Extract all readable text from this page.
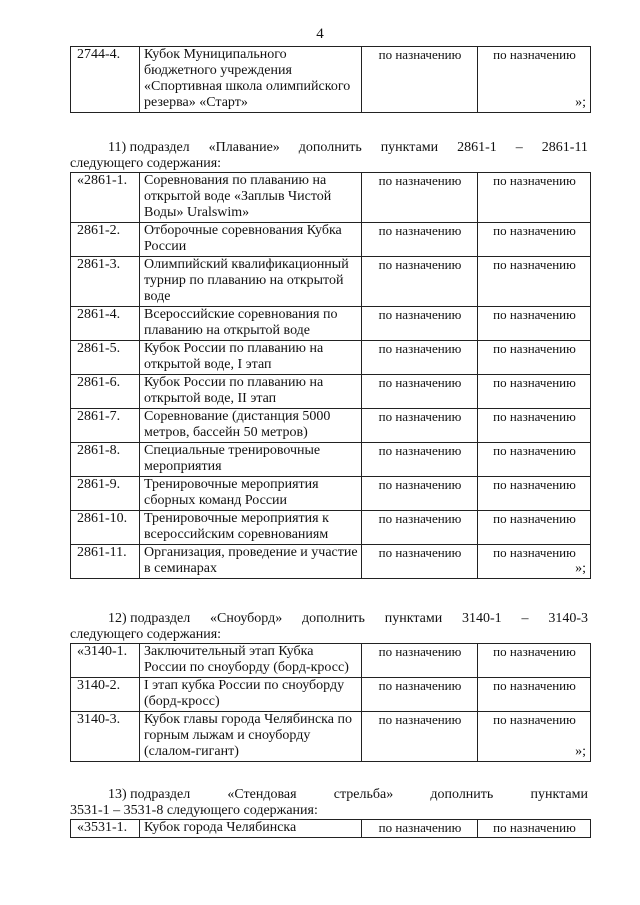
4
2744-4.	Кубок Муниципального бюджетного учреждения «Спортивная школа олимпийского резерва» «Старт»	по назначению	по назначению
»;
11) подраздел «Плавание» дополнить пунктами 2861-1 – 2861-11
следующего содержания:
«2861-1.	Соревнования по плаванию на открытой воде «Заплыв Чистой Воды» Uralswim»	по назначению	по назначению
2861-2.	Отборочные соревнования Кубка России	по назначению	по назначению
2861-3.	Олимпийский квалификационный турнир по плаванию на открытой воде	по назначению	по назначению
2861-4.	Всероссийские соревнования по плаванию на открытой воде	по назначению	по назначению
2861-5.	Кубок России по плаванию на открытой воде, I этап	по назначению	по назначению
2861-6.	Кубок России по плаванию на открытой воде, II этап	по назначению	по назначению
2861-7.	Соревнование (дистанция 5000 метров, бассейн 50 метров)	по назначению	по назначению
2861-8.	Специальные тренировочные мероприятия	по назначению	по назначению
2861-9.	Тренировочные мероприятия сборных команд России	по назначению	по назначению
2861-10.	Тренировочные мероприятия к всероссийским соревнованиям	по назначению	по назначению
2861-11.	Организация, проведение и участие в семинарах	по назначению	по назначению
»;
12) подраздел «Сноуборд» дополнить пунктами 3140-1 – 3140-3
следующего содержания:
«3140-1.	Заключительный этап Кубка России по сноуборду (борд-кросс)	по назначению	по назначению
3140-2.	I этап кубка России по сноуборду (борд-кросс)	по назначению	по назначению
3140-3.	Кубок главы города Челябинска по горным лыжам и сноуборду (слалом-гигант)	по назначению	по назначению
»;
13) подраздел	«Стендовая	стрельба»	дополнить	пунктами
3531-1 – 3531-8 следующего содержания:
«3531-1.	Кубок города Челябинска	по назначению	по назначению
